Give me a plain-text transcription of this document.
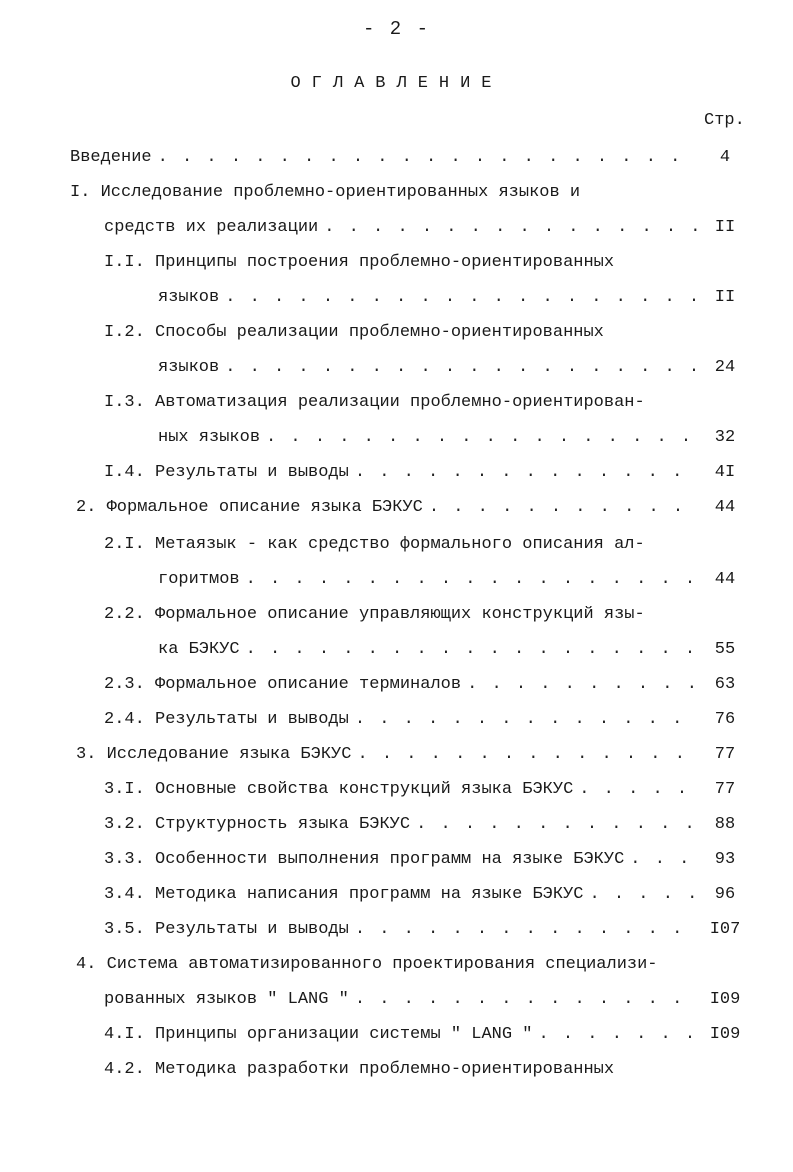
- 2 -
ОГЛАВЛЕНИЕ
Стр.
Введение . . .	4
I. Исследование проблемно-ориентированных языков и
средств их реализации . . .	II
I.I. Принципы построения проблемно-ориентированных
языков . . .	II
I.2. Способы реализации проблемно-ориентированных
языков . . .	24
I.3. Автоматизация реализации проблемно-ориентирован-
ных языков . . .	32
I.4. Результаты и выводы . . .	4I
2. Формальное описание языка БЭКУС . . .	44
2.I. Метаязык - как средство формального описания ал-
горитмов . . .	44
2.2. Формальное описание управляющих конструкций язы-
ка БЭКУС . . .	55
2.3. Формальное описание терминалов . . .	63
2.4. Результаты и выводы . . .	76
3. Исследование языка БЭКУС . . .	77
3.I. Основные свойства конструкций языка БЭКУС . . .	77
3.2. Структурность языка БЭКУС . . .	88
3.3. Особенности выполнения программ на языке БЭКУС . . .	93
3.4. Методика написания программ на языке БЭКУС . . .	96
3.5. Результаты и выводы . . .	I07
4. Система автоматизированного проектирования специализи-
рованных языков " LANG " . . .	I09
4.I. Принципы организации системы " LANG " . . .	I09
4.2. Методика разработки проблемно-ориентированных
